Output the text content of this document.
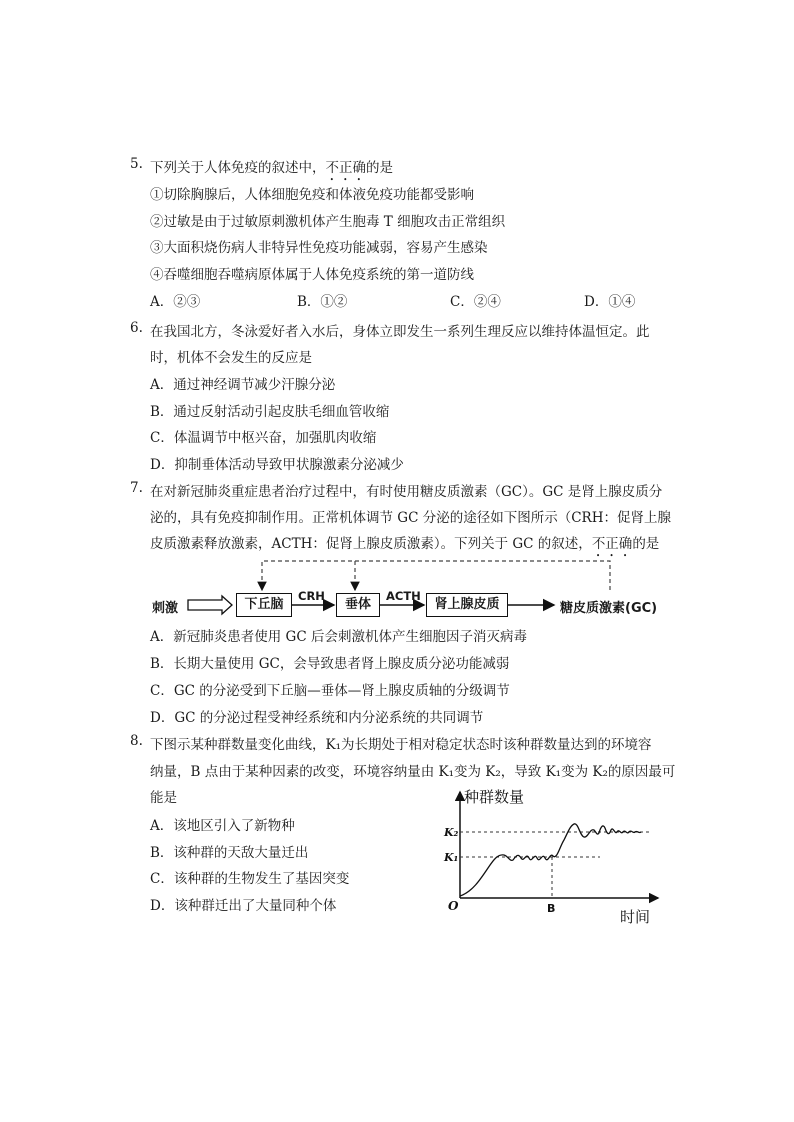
5. 下列关于人体免疫的叙述中，不正确的是
①切除胸腺后，人体细胞免疫和体液免疫功能都受影响
②过敏是由于过敏原刺激机体产生胞毒 T 细胞攻击正常组织
③大面积烧伤病人非特异性免疫功能减弱，容易产生感染
④吞噬细胞吞噬病原体属于人体免疫系统的第一道防线
A．②③	B．①②	C．②④	D．①④
6. 在我国北方，冬泳爱好者入水后，身体立即发生一系列生理反应以维持体温恒定。此
时，机体不会发生的反应是
A．通过神经调节减少汗腺分泌
B．通过反射活动引起皮肤毛细血管收缩
C．体温调节中枢兴奋，加强肌肉收缩
D．抑制垂体活动导致甲状腺激素分泌减少
7. 在对新冠肺炎重症患者治疗过程中，有时使用糖皮质激素（GC）。GC 是肾上腺皮质分
泌的，具有免疫抑制作用。正常机体调节 GC 分泌的途径如下图所示（CRH：促肾上腺
皮质激素释放激素，ACTH：促肾上腺皮质激素）。下列关于 GC 的叙述，不正确的是
刺激	下丘脑
CRH
垂体
ACTH
肾上腺皮质	糖皮质激素(GC)
A．新冠肺炎患者使用 GC 后会刺激机体产生细胞因子消灭病毒
B．长期大量使用 GC，会导致患者肾上腺皮质分泌功能减弱
C．GC 的分泌受到下丘脑—垂体—肾上腺皮质轴的分级调节
D．GC 的分泌过程受神经系统和内分泌系统的共同调节
8. 下图示某种群数量变化曲线，K₁为长期处于相对稳定状态时该种群数量达到的环境容
纳量，B 点由于某种因素的改变，环境容纳量由 K₁变为 K₂，导致 K₁变为 K₂的原因最可
能是
A．该地区引入了新物种
B．该种群的天敌大量迁出
C．该种群的生物发生了基因突变
D．该种群迁出了大量同种个体
种群数量
时间
O
K₂
K₁
B
